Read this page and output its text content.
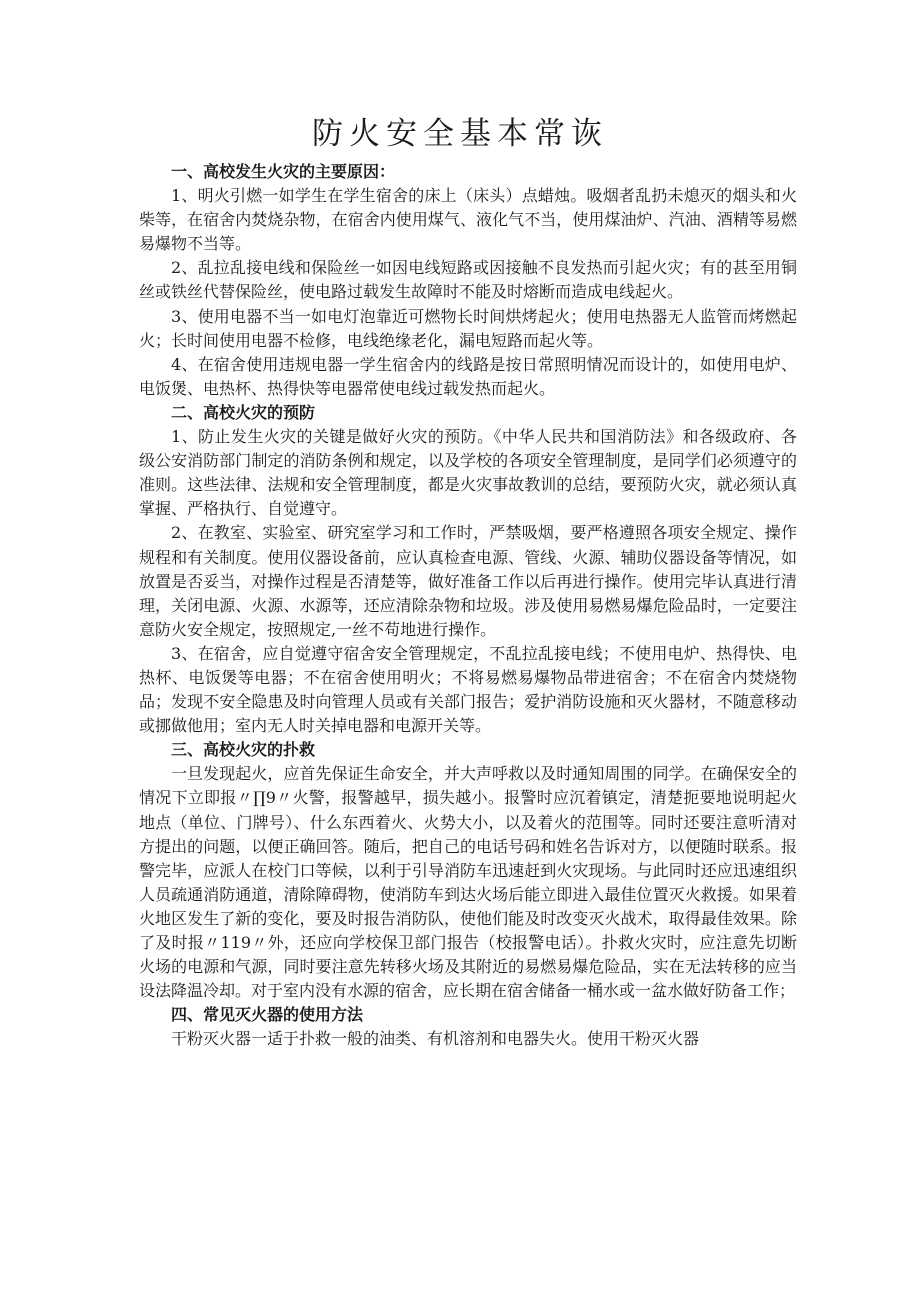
防火安全基本常诙
一、高校发生火灾的主要原因：

1、明火引燃一如学生在学生宿舍的床上（床头）点蜡烛。吸烟者乱扔未熄灭的烟头和火柴等，在宿舍内焚烧杂物，在宿舍内使用煤气、液化气不当，使用煤油炉、汽油、酒精等易燃易爆物不当等。

2、乱拉乱接电线和保险丝一如因电线短路或因接触不良发热而引起火灾；有的甚至用铜丝或铁丝代替保险丝，使电路过载发生故障时不能及时熔断而造成电线起火。

3、使用电器不当一如电灯泡靠近可燃物长时间烘烤起火；使用电热器无人监管而烤燃起火；长时间使用电器不检修，电线绝缘老化，漏电短路而起火等。

4、在宿舍使用违规电器一学生宿舍内的线路是按日常照明情况而设计的，如使用电炉、电饭煲、电热杯、热得快等电器常使电线过载发热而起火。

二、高校火灾的预防

1、防止发生火灾的关键是做好火灾的预防。《中华人民共和国消防法》和各级政府、各级公安消防部门制定的消防条例和规定，以及学校的各项安全管理制度，是同学们必须遵守的准则。这些法律、法规和安全管理制度，都是火灾事故教训的总结，要预防火灾，就必须认真掌握、严格执行、自觉遵守。

2、在教室、实验室、研究室学习和工作时，严禁吸烟，要严格遵照各项安全规定、操作规程和有关制度。使用仪器设备前，应认真检查电源、管线、火源、辅助仪器设备等情况，如放置是否妥当，对操作过程是否清楚等，做好准备工作以后再进行操作。使用完毕认真进行清理，关闭电源、火源、水源等，还应清除杂物和垃圾。涉及使用易燃易爆危险品时，一定要注意防火安全规定，按照规定,一丝不苟地进行操作。

3、在宿舍，应自觉遵守宿舍安全管理规定，不乱拉乱接电线；不使用电炉、热得快、电热杯、电饭煲等电器；不在宿舍使用明火；不将易燃易爆物品带进宿舍；不在宿舍内焚烧物品；发现不安全隐患及时向管理人员或有关部门报告；爱护消防设施和灭火器材，不随意移动或挪做他用；室内无人时关掉电器和电源开关等。

三、高校火灾的扑救

一旦发现起火，应首先保证生命安全，并大声呼救以及时通知周围的同学。在确保安全的情况下立即报〃∏9〃火警，报警越早，损失越小。报警时应沉着镇定，清楚扼要地说明起火地点（单位、门牌号）、什么东西着火、火势大小，以及着火的范围等。同时还要注意听清对方提出的问题，以便正确回答。随后，把自己的电话号码和姓名告诉对方，以便随时联系。报警完毕，应派人在校门口等候，以利于引导消防车迅速赶到火灾现场。与此同时还应迅速组织人员疏通消防通道，清除障碍物，使消防车到达火场后能立即进入最佳位置灭火救援。如果着火地区发生了新的变化，要及时报告消防队，使他们能及时改变灭火战术，取得最佳效果。除了及时报〃119〃外，还应向学校保卫部门报告（校报警电话）。扑救火灾时，应注意先切断火场的电源和气源，同时要注意先转移火场及其附近的易燃易爆危险品，实在无法转移的应当设法降温冷却。对于室内没有水源的宿舍，应长期在宿舍储备一桶水或一盆水做好防备工作；

四、常见灭火器的使用方法

干粉灭火器一适于扑救一般的油类、有机溶剂和电器失火。使用干粉灭火器
